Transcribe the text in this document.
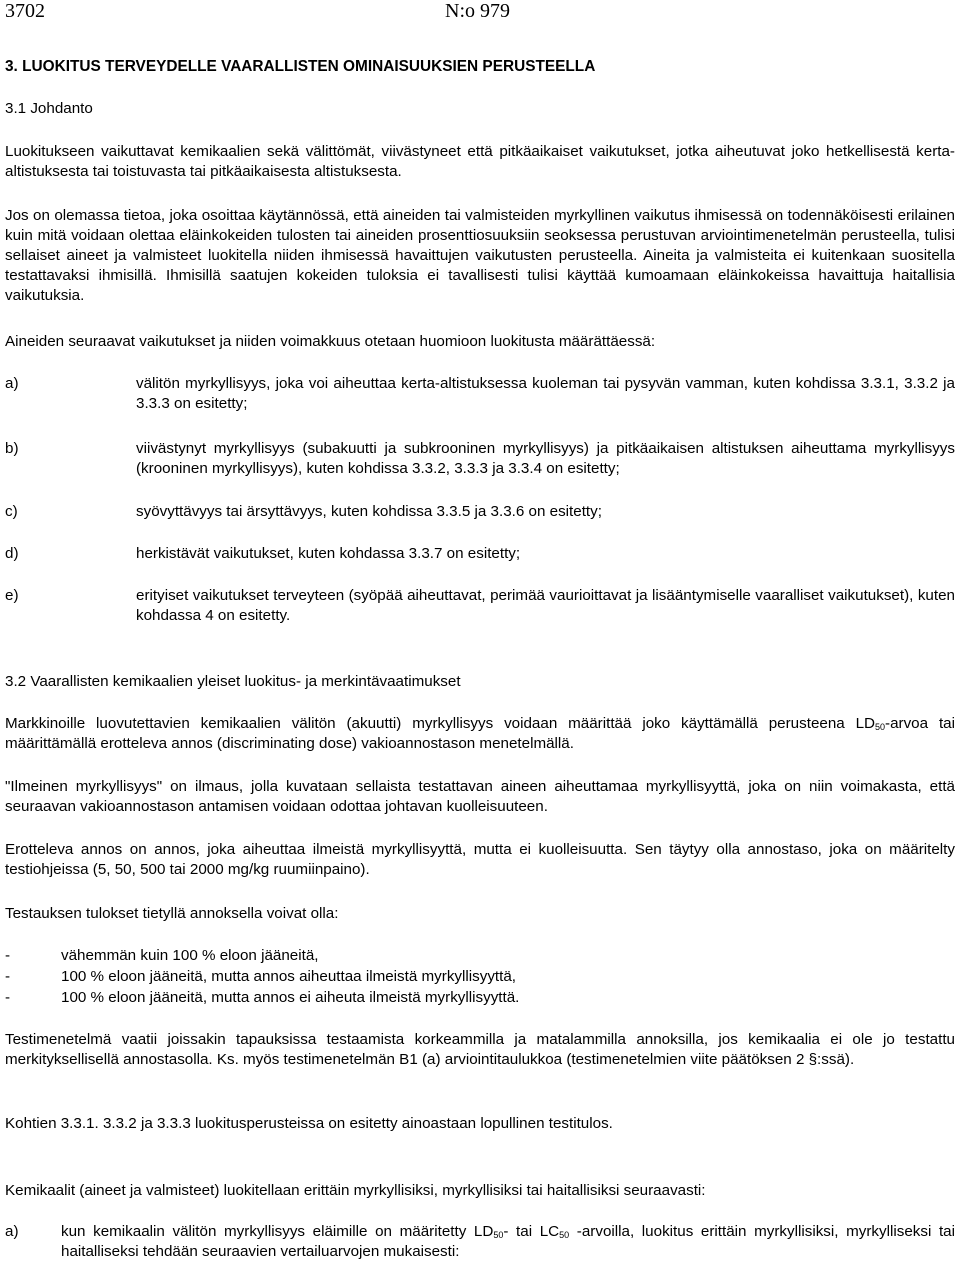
3702	N:o 979
3. LUOKITUS TERVEYDELLE VAARALLISTEN OMINAISUUKSIEN PERUSTEELLA
3.1 Johdanto
Luokitukseen vaikuttavat kemikaalien sekä välittömät, viivästyneet että pitkäaikaiset vaikutukset, jotka aiheutuvat joko hetkellisestä kerta-altistuksesta tai toistuvasta tai pitkäaikaisesta altistuksesta.
Jos on olemassa tietoa, joka osoittaa käytännössä, että aineiden tai valmisteiden myrkyllinen vaikutus ihmisessä on todennäköisesti erilainen kuin mitä voidaan olettaa eläinkokeiden tulosten tai aineiden prosenttiosuuksiin seoksessa perustuvan arviointimenetelmän perusteella, tulisi sellaiset aineet ja valmisteet luokitella niiden ihmisessä havaittujen vaikutusten perusteella. Aineita ja valmisteita ei kuitenkaan suositella testattavaksi ihmisillä. Ihmisillä saatujen kokeiden tuloksia ei tavallisesti tulisi käyttää kumoamaan eläinkokeissa havaittuja haitallisia vaikutuksia.
Aineiden seuraavat vaikutukset ja niiden voimakkuus otetaan huomioon luokitusta määrättäessä:
a)	välitön myrkyllisyys, joka voi aiheuttaa kerta-altistuksessa kuoleman tai pysyvän vamman, kuten kohdissa 3.3.1, 3.3.2 ja 3.3.3 on esitetty;
b)	viivästynyt myrkyllisyys (subakuutti ja subkrooninen myrkyllisyys) ja pitkäaikaisen altistuksen aiheuttama myrkyllisyys (krooninen myrkyllisyys), kuten kohdissa 3.3.2, 3.3.3 ja 3.3.4 on esitetty;
c)	syövyttävyys tai ärsyttävyys, kuten kohdissa 3.3.5 ja 3.3.6 on esitetty;
d)	herkistävät vaikutukset, kuten kohdassa 3.3.7 on esitetty;
e)	erityiset vaikutukset terveyteen (syöpää aiheuttavat, perimää vaurioittavat ja lisääntymiselle vaaralliset vaikutukset), kuten kohdassa 4 on esitetty.
3.2 Vaarallisten kemikaalien yleiset luokitus- ja merkintävaatimukset
Markkinoille luovutettavien kemikaalien välitön (akuutti) myrkyllisyys voidaan määrittää joko käyttämällä perusteena $LD_{50}$-arvoa tai määrittämällä erotteleva annos (discriminating dose) vakioannostason menetelmällä.
"Ilmeinen myrkyllisyys" on ilmaus, jolla kuvataan sellaista testattavan aineen aiheuttamaa myrkyllisyyttä, joka on niin voimakasta, että seuraavan vakioannostason antamisen voidaan odottaa johtavan kuolleisuuteen.
Erotteleva annos on annos, joka aiheuttaa ilmeistä myrkyllisyyttä, mutta ei kuolleisuutta. Sen täytyy olla annostaso, joka on määritelty testiohjeissa (5, 50, 500 tai 2000 mg/kg ruumiinpaino).
Testauksen tulokset tietyllä annoksella voivat olla:
-	vähemmän kuin 100 % eloon jääneitä,
-	100 % eloon jääneitä, mutta annos aiheuttaa ilmeistä myrkyllisyyttä,
-	100 % eloon jääneitä, mutta annos ei aiheuta ilmeistä myrkyllisyyttä.
Testimenetelmä vaatii joissakin tapauksissa testaamista korkeammilla ja matalammilla annoksilla, jos kemikaalia ei ole jo testattu merkityksellisellä annostasolla. Ks. myös testimenetelmän B1 (a) arviointitaulukkoa (testimenetelmien viite päätöksen 2 §:ssä).
Kohtien 3.3.1. 3.3.2 ja 3.3.3 luokitusperusteissa on esitetty ainoastaan lopullinen testitulos.
Kemikaalit (aineet ja valmisteet) luokitellaan erittäin myrkyllisiksi, myrkyllisiksi tai haitallisiksi seuraavasti:
a)	kun kemikaalin välitön myrkyllisyys eläimille on määritetty $LD_{50}-$ tai $LC_{50}$ -arvoilla, luokitus erittäin myrkyllisiksi, myrkylliseksi tai haitalliseksi tehdään seuraavien vertailuarvojen mukaisesti:
